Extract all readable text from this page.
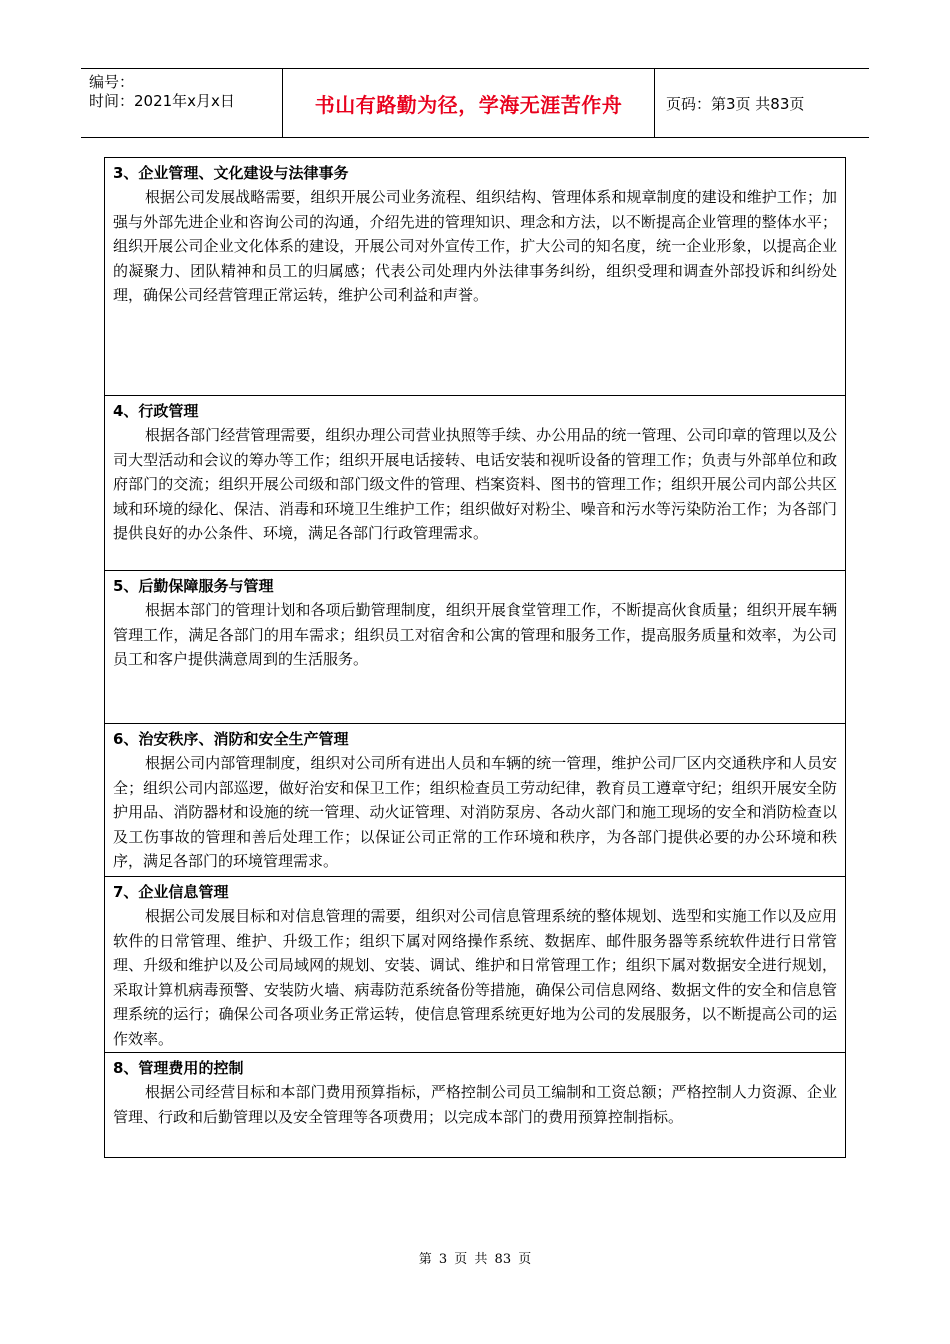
编号：
时间：2021年x月x日	书山有路勤为径，学海无涯苦作舟	页码：第3页 共83页
3、企业管理、文化建设与法律事务

根据公司发展战略需要，组织开展公司业务流程、组织结构、管理体系和规章制度的建设和维护工作；加强与外部先进企业和咨询公司的沟通，介绍先进的管理知识、理念和方法，以不断提高企业管理的整体水平；组织开展公司企业文化体系的建设，开展公司对外宣传工作，扩大公司的知名度，统一企业形象，以提高企业的凝聚力、团队精神和员工的归属感；代表公司处理内外法律事务纠纷，组织受理和调查外部投诉和纠纷处理，确保公司经营管理正常运转，维护公司利益和声誉。

4、行政管理

根据各部门经营管理需要，组织办理公司营业执照等手续、办公用品的统一管理、公司印章的管理以及公司大型活动和会议的筹办等工作；组织开展电话接转、电话安装和视听设备的管理工作；负责与外部单位和政府部门的交流；组织开展公司级和部门级文件的管理、档案资料、图书的管理工作；组织开展公司内部公共区域和环境的绿化、保洁、消毒和环境卫生维护工作；组织做好对粉尘、噪音和污水等污染防治工作；为各部门提供良好的办公条件、环境，满足各部门行政管理需求。

5、后勤保障服务与管理

根据本部门的管理计划和各项后勤管理制度，组织开展食堂管理工作，不断提高伙食质量；组织开展车辆管理工作，满足各部门的用车需求；组织员工对宿舍和公寓的管理和服务工作，提高服务质量和效率，为公司员工和客户提供满意周到的生活服务。

6、治安秩序、消防和安全生产管理

根据公司内部管理制度，组织对公司所有进出人员和车辆的统一管理，维护公司厂区内交通秩序和人员安全；组织公司内部巡逻，做好治安和保卫工作；组织检查员工劳动纪律，教育员工遵章守纪；组织开展安全防护用品、消防器材和设施的统一管理、动火证管理、对消防泵房、各动火部门和施工现场的安全和消防检查以及工伤事故的管理和善后处理工作；以保证公司正常的工作环境和秩序，为各部门提供必要的办公环境和秩序，满足各部门的环境管理需求。

7、企业信息管理

根据公司发展目标和对信息管理的需要，组织对公司信息管理系统的整体规划、选型和实施工作以及应用软件的日常管理、维护、升级工作；组织下属对网络操作系统、数据库、邮件服务器等系统软件进行日常管理、升级和维护以及公司局域网的规划、安装、调试、维护和日常管理工作；组织下属对数据安全进行规划，采取计算机病毒预警、安装防火墙、病毒防范系统备份等措施，确保公司信息网络、数据文件的安全和信息管理系统的运行；确保公司各项业务正常运转，使信息管理系统更好地为公司的发展服务，以不断提高公司的运作效率。

8、管理费用的控制

根据公司经营目标和本部门费用预算指标，严格控制公司员工编制和工资总额；严格控制人力资源、企业管理、行政和后勤管理以及安全管理等各项费用；以完成本部门的费用预算控制指标。

第 3 页 共 83 页
